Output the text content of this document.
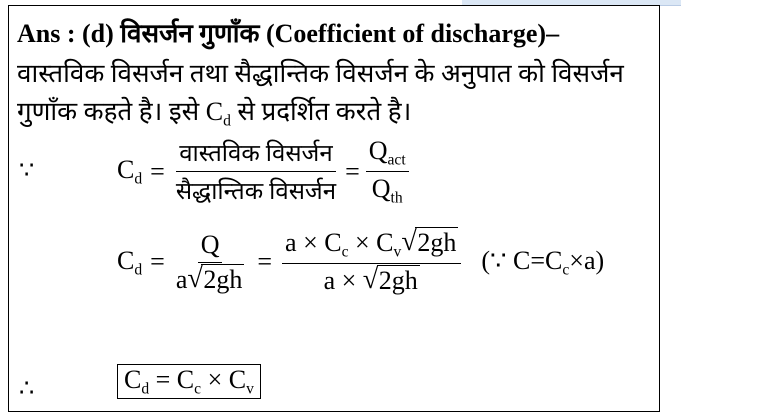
Ans : (d) विसर्जन गुणाँक (Coefficient of discharge)–
वास्तविक विसर्जन तथा सैद्धान्तिक विसर्जन के अनुपात को विसर्जन
गुणाँक कहते है। इसे $C_d$ से प्रदर्शित करते है।
∵	$C_d = \frac{\text{वास्तविक विसर्जन}}{\text{सैद्धान्तिक विसर्जन}} = \frac{Q_{act}}{Q_{th}}$
$C_d = \frac{Q}{a √ 2gh} = \frac{a \times C_c \times C_v √ 2gh}{a \times √ 2gh}$ (∵ $C=C_c\times a$)
∴	$C_d = C_c \times C_v$
